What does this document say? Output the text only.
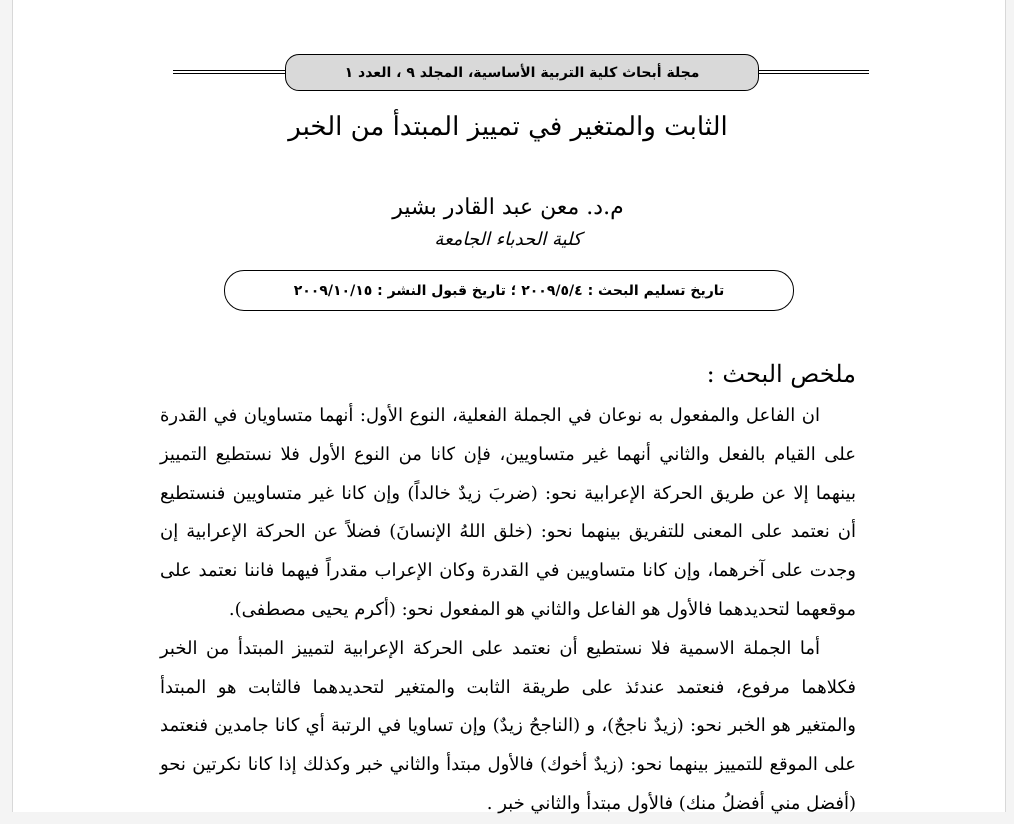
مجلة أبحاث كلية التربية الأساسية، المجلد ٩ ، العدد ١
الثابت والمتغير في تمييز المبتدأ من الخبر
م.د. معن عبد القادر بشير
كلية الحدباء الجامعة
تاريخ تسليم البحث : ٢٠٠٩/٥/٤ ؛ تاريخ قبول النشر : ٢٠٠٩/١٠/١٥
ملخص البحث :

ان الفاعل والمفعول به نوعان في الجملة الفعلية، النوع الأول: أنهما متساويان في القدرة على القيام بالفعل والثاني أنهما غير متساويين، فإن كانا من النوع الأول فلا نستطيع التمييز بينهما إلا عن طريق الحركة الإعرابية نحو: (ضربَ زيدٌ خالداً) وإن كانا غير متساويين فنستطيع أن نعتمد على المعنى للتفريق بينهما نحو: (خلق اللهُ الإنسانَ) فضلاً عن الحركة الإعرابية إن وجدت على آخرهما، وإن كانا متساويين في القدرة وكان الإعراب مقدراً فيهما فاننا نعتمد على موقعهما لتحديدهما فالأول هو الفاعل والثاني هو المفعول نحو: (أكرم يحيى مصطفى).

أما الجملة الاسمية فلا نستطيع أن نعتمد على الحركة الإعرابية لتمييز المبتدأ من الخبر فكلاهما مرفوع، فنعتمد عندئذ على طريقة الثابت والمتغير لتحديدهما فالثابت هو المبتدأ والمتغير هو الخبر نحو: (زيدٌ ناجحٌ)، و (الناجحُ زيدٌ) وإن تساويا في الرتبة أي كانا جامدين فنعتمد على الموقع للتمييز بينهما نحو: (زيدٌ أخوك) فالأول مبتدأ والثاني خبر وكذلك إذا كانا نكرتين نحو (أفضل مني أفضلُ منك) فالأول مبتدأ والثاني خبر .
